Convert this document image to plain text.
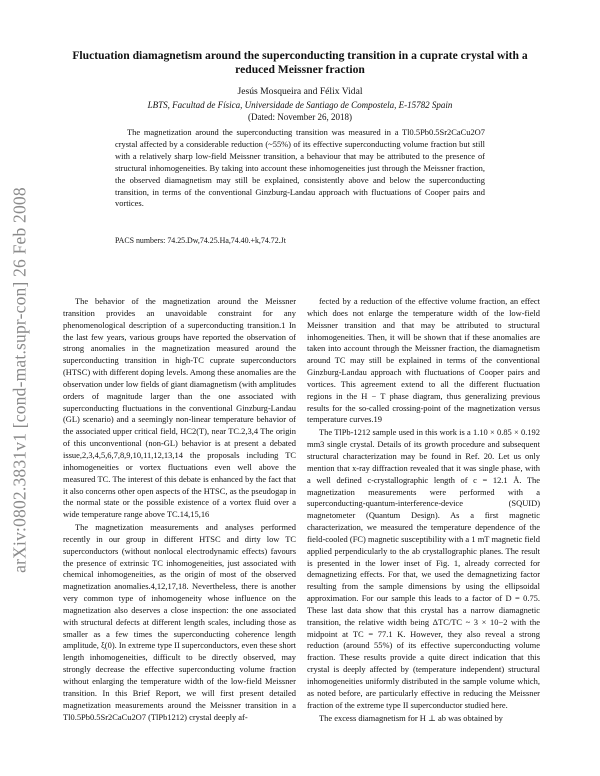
arXiv:0802.3831v1 [cond-mat.supr-con] 26 Feb 2008
Fluctuation diamagnetism around the superconducting transition in a cuprate crystal with a reduced Meissner fraction
Jesús Mosqueira and Félix Vidal
LBTS, Facultad de Física, Universidade de Santiago de Compostela, E-15782 Spain
(Dated: November 26, 2018)

The magnetization around the superconducting transition was measured in a Tl0.5Pb0.5Sr2CaCu2O7 crystal affected by a considerable reduction (~55%) of its effective superconducting volume fraction but still with a relatively sharp low-field Meissner transition, a behaviour that may be attributed to the presence of structural inhomogeneities. By taking into account these inhomogeneities just through the Meissner fraction, the observed diamagnetism may still be explained, consistently above and below the superconducting transition, in terms of the conventional Ginzburg-Landau approach with fluctuations of Cooper pairs and vortices.

PACS numbers: 74.25.Dw,74.25.Ha,74.40.+k,74.72.Jt

The behavior of the magnetization around the Meissner transition provides an unavoidable constraint for any phenomenological description of a superconducting transition.1 In the last few years, various groups have reported the observation of strong anomalies in the magnetization measured around the superconducting transition in high-TC cuprate superconductors (HTSC) with different doping levels. Among these anomalies are the observation under low fields of giant diamagnetism (with amplitudes orders of magnitude larger than the one associated with superconducting fluctuations in the conventional Ginzburg-Landau (GL) scenario) and a seemingly non-linear temperature behavior of the associated upper critical field, HC2(T), near TC.2,3,4 The origin of this unconventional (non-GL) behavior is at present a debated issue,2,3,4,5,6,7,8,9,10,11,12,13,14 the proposals including TC inhomogeneities or vortex fluctuations even well above the measured TC. The interest of this debate is enhanced by the fact that it also concerns other open aspects of the HTSC, as the pseudogap in the normal state or the possible existence of a vortex fluid over a wide temperature range above TC.14,15,16

The magnetization measurements and analyses performed recently in our group in different HTSC and dirty low TC superconductors (without nonlocal electrodynamic effects) favours the presence of extrinsic TC inhomogeneities, just associated with chemical inhomogeneities, as the origin of most of the observed magnetization anomalies.4,12,17,18. Nevertheless, there is another very common type of inhomogeneity whose influence on the magnetization also deserves a close inspection: the one associated with structural defects at different length scales, including those as smaller as a few times the superconducting coherence length amplitude, ξ(0). In extreme type II superconductors, even these short length inhomogeneities, difficult to be directly observed, may strongly decrease the effective superconducting volume fraction without enlarging the temperature width of the low-field Meissner transition. In this Brief Report, we will first present detailed magnetization measurements around the Meissner transition in a Tl0.5Pb0.5Sr2CaCu2O7 (TlPb1212) crystal deeply af-

fected by a reduction of the effective volume fraction, an effect which does not enlarge the temperature width of the low-field Meissner transition and that may be attributed to structural inhomogeneities. Then, it will be shown that if these anomalies are taken into account through the Meissner fraction, the diamagnetism around TC may still be explained in terms of the conventional Ginzburg-Landau approach with fluctuations of Cooper pairs and vortices. This agreement extend to all the different fluctuation regions in the H − T phase diagram, thus generalizing previous results for the so-called crossing-point of the magnetization versus temperature curves.19

The TlPb-1212 sample used in this work is a 1.10 × 0.85 × 0.192 mm3 single crystal. Details of its growth procedure and subsequent structural characterization may be found in Ref. 20. Let us only mention that x-ray diffraction revealed that it was single phase, with a well defined c-crystallographic length of c = 12.1 Å. The magnetization measurements were performed with a superconducting-quantum-interference-device (SQUID) magnetometer (Quantum Design). As a first magnetic characterization, we measured the temperature dependence of the field-cooled (FC) magnetic susceptibility with a 1 mT magnetic field applied perpendicularly to the ab crystallographic planes. The result is presented in the lower inset of Fig. 1, already corrected for demagnetizing effects. For that, we used the demagnetizing factor resulting from the sample dimensions by using the ellipsoidal approximation. For our sample this leads to a factor of D = 0.75. These last data show that this crystal has a narrow diamagnetic transition, the relative width being ΔTC/TC ~ 3 × 10−2 with the midpoint at TC = 77.1 K. However, they also reveal a strong reduction (around 55%) of its effective superconducting volume fraction. These results provide a quite direct indication that this crystal is deeply affected by (temperature independent) structural inhomogeneities uniformly distributed in the sample volume which, as noted before, are particularly effective in reducing the Meissner fraction of the extreme type II superconductor studied here.

The excess diamagnetism for H ⊥ ab was obtained by
